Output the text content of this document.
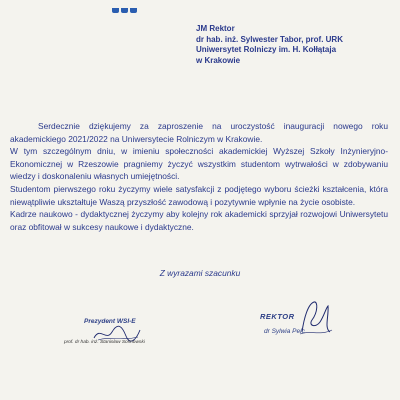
JM Rektor
dr hab. inż. Sylwester Tabor, prof. URK
Uniwersytet Rolniczy im. H. Kołłątaja
w Krakowie

Serdecznie dziękujemy za zaproszenie na uroczystość inauguracji nowego roku akademickiego 2021/2022 na Uniwersytecie Rolniczym w Krakowie.

W tym szczególnym dniu, w imieniu społeczności akademickiej Wyższej Szkoły Inżynieryjno-Ekonomicznej w Rzeszowie pragniemy życzyć wszystkim studentom wytrwałości w zdobywaniu wiedzy i doskonaleniu własnych umiejętności.

Studentom pierwszego roku życzymy wiele satysfakcji z podjętego wyboru ścieżki kształcenia, która niewątpliwie ukształtuje Waszą przyszłość zawodową i pozytywnie wpłynie na życie osobiste.

Kadrze naukowo - dydaktycznej życzymy aby kolejny rok akademicki sprzyjał rozwojowi Uniwersytetu oraz obfitował w sukcesy naukowe i dydaktyczne.

Z wyrazami szacunku
Prezydent WSI-E
prof. dr hab. inż. Stanisław Sosnowski
REKTOR
dr Sylwia Pelc
